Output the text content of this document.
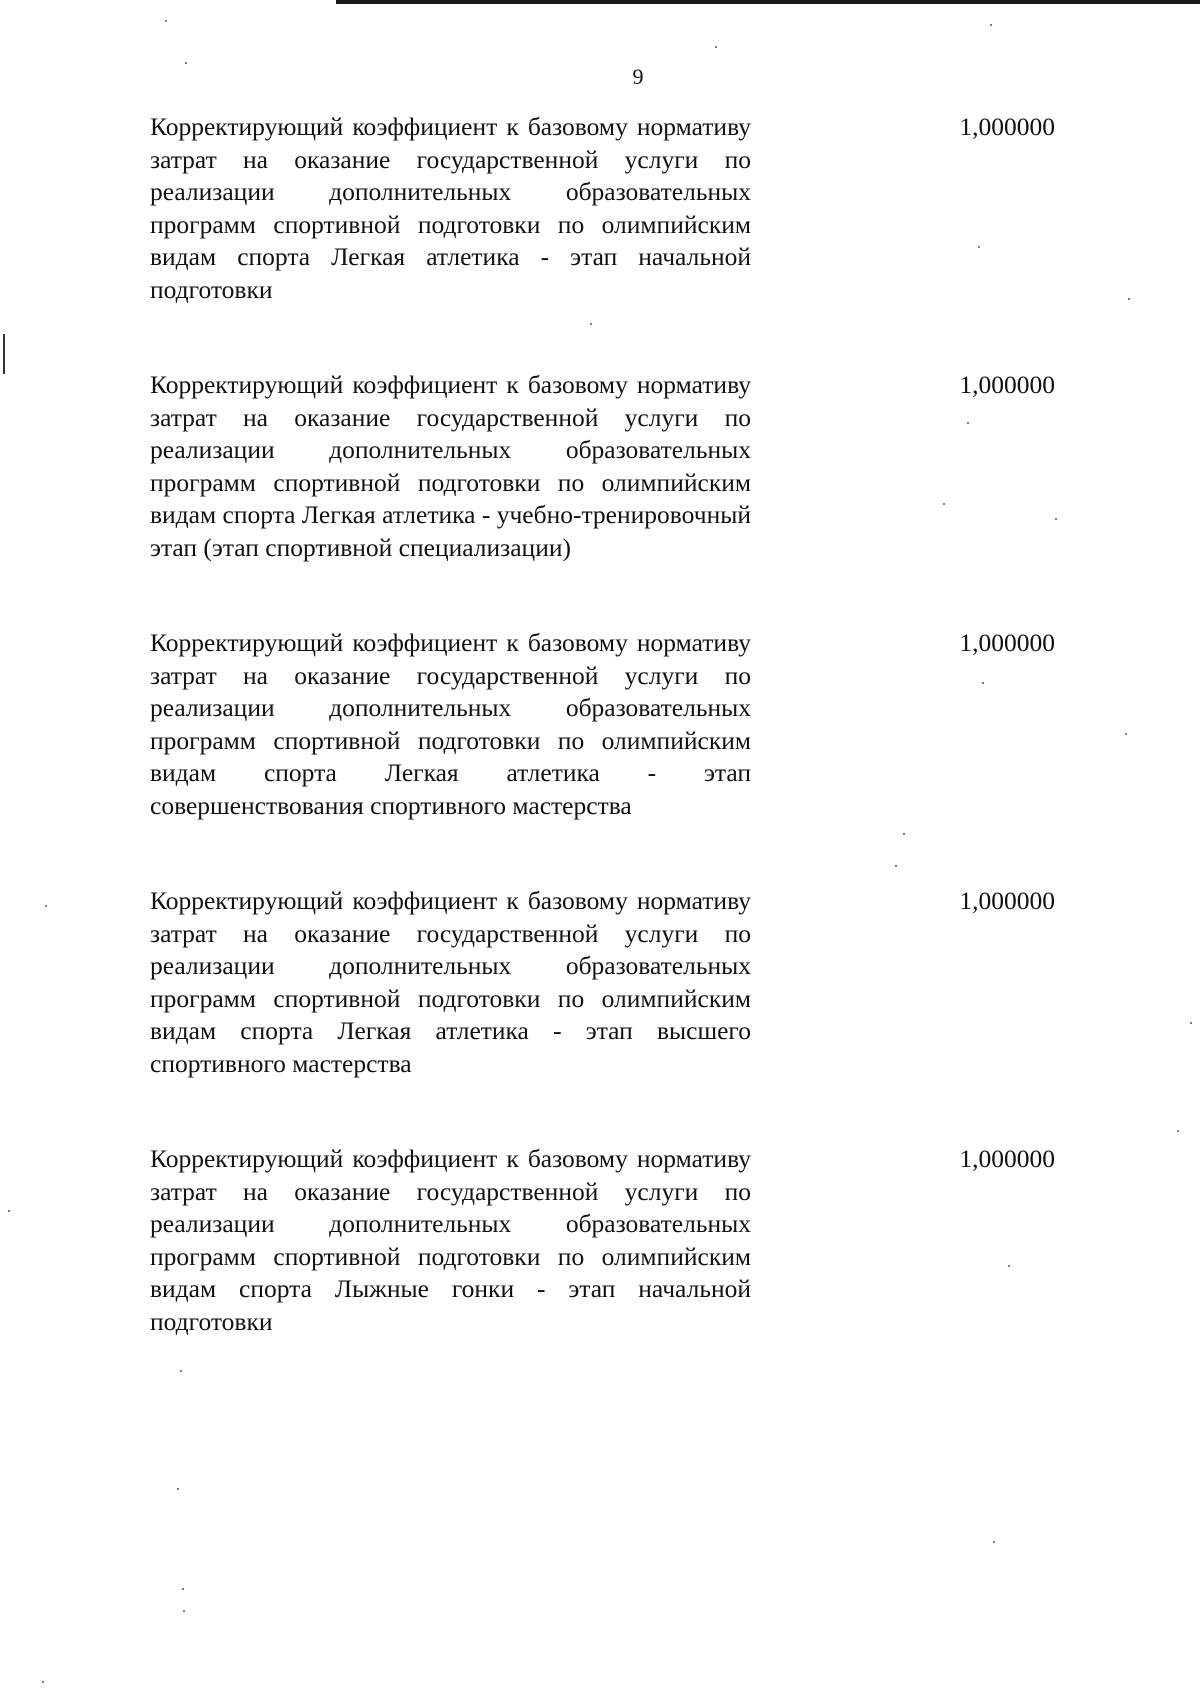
9
Корректирующий коэффициент к базовому нормативу затрат на оказание государственной услуги по реализации дополнительных образовательных программ спортивной подготовки по олимпийским видам спорта Легкая атлетика - этап начальной подготовки
1,000000
Корректирующий коэффициент к базовому нормативу затрат на оказание государственной услуги по реализации дополнительных образовательных программ спортивной подготовки по олимпийским видам спорта Легкая атлетика - учебно-тренировочный этап (этап спортивной специализации)
1,000000
Корректирующий коэффициент к базовому нормативу затрат на оказание государственной услуги по реализации дополнительных образовательных программ спортивной подготовки по олимпийским видам спорта Легкая атлетика - этап совершенствования спортивного мастерства
1,000000
Корректирующий коэффициент к базовому нормативу затрат на оказание государственной услуги по реализации дополнительных образовательных программ спортивной подготовки по олимпийским видам спорта Легкая атлетика - этап высшего спортивного мастерства
1,000000
Корректирующий коэффициент к базовому нормативу затрат на оказание государственной услуги по реализации дополнительных образовательных программ спортивной подготовки по олимпийским видам спорта Лыжные гонки - этап начальной подготовки
1,000000
